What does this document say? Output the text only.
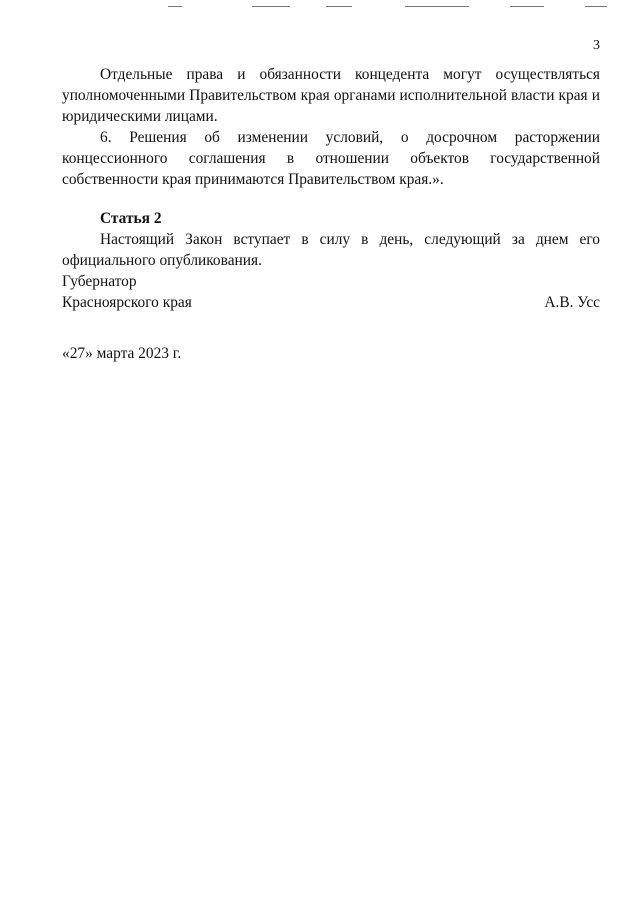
3

Отдельные права и обязанности концедента могут осуществляться уполномоченными Правительством края органами исполнительной власти края и юридическими лицами.

6. Решения об изменении условий, о досрочном расторжении концессионного соглашения в отношении объектов государственной собственности края принимаются Правительством края.».

Статья 2

Настоящий Закон вступает в силу в день, следующий за днем его официального опубликования.

Губернатор
Красноярского края	А.В. Усс
«27» марта 2023 г.
